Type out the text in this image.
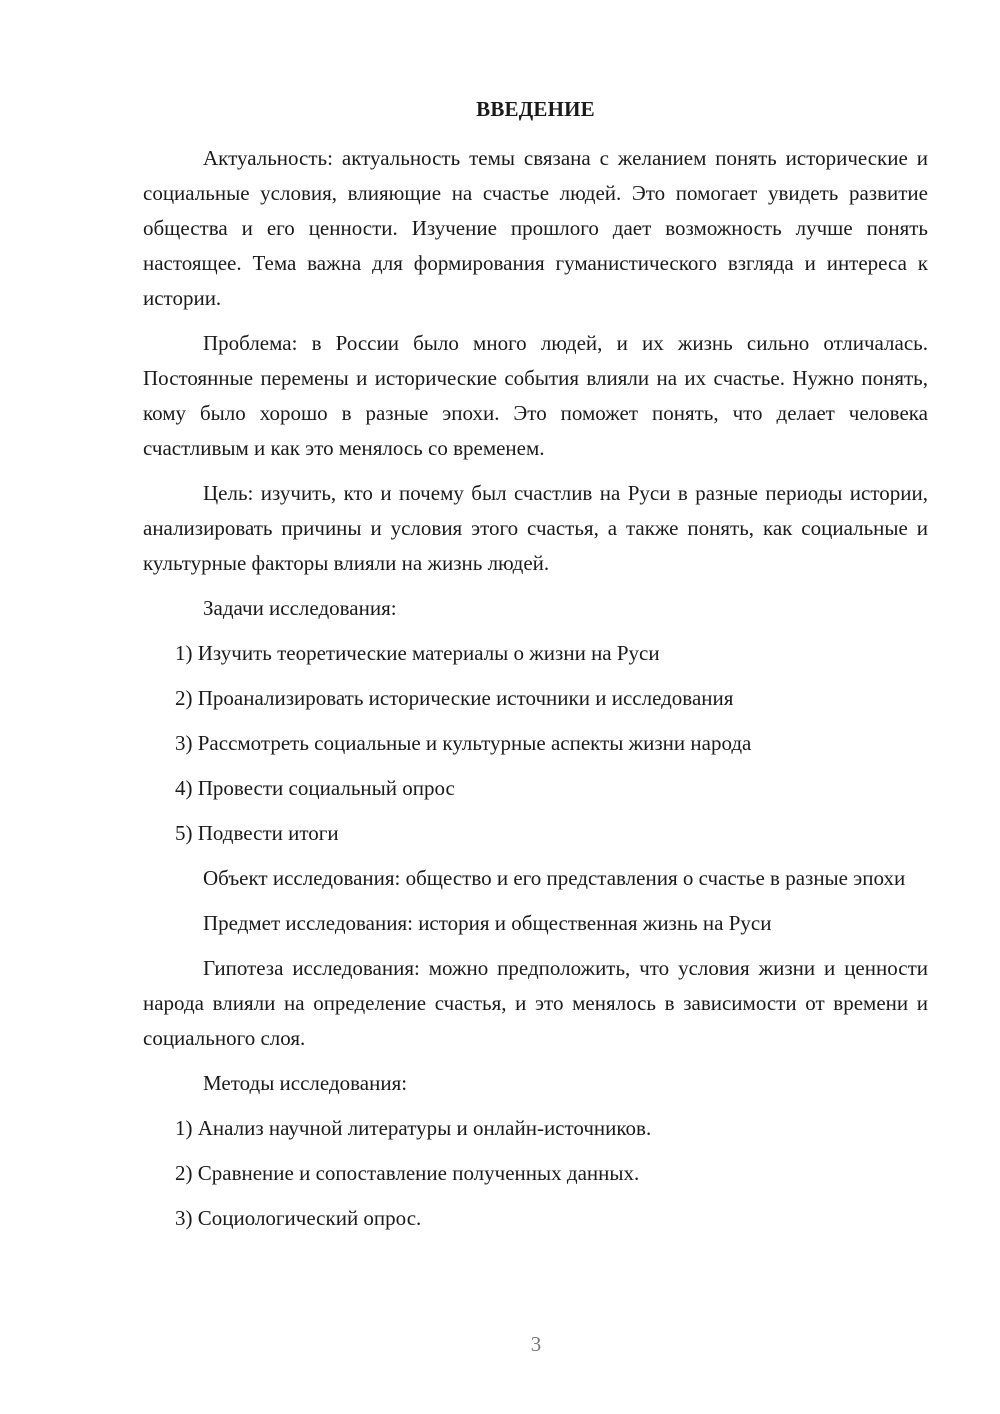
ВВЕДЕНИЕ

Актуальность: актуальность темы связана с желанием понять исторические и социальные условия, влияющие на счастье людей. Это помогает увидеть развитие общества и его ценности. Изучение прошлого дает возможность лучше понять настоящее. Тема важна для формирования гуманистического взгляда и интереса к истории.

Проблема: в России было много людей, и их жизнь сильно отличалась. Постоянные перемены и исторические события влияли на их счастье. Нужно понять, кому было хорошо в разные эпохи. Это поможет понять, что делает человека счастливым и как это менялось со временем.

Цель: изучить, кто и почему был счастлив на Руси в разные периоды истории, анализировать причины и условия этого счастья, а также понять, как социальные и культурные факторы влияли на жизнь людей.

Задачи исследования:

1) Изучить теоретические материалы о жизни на Руси
2) Проанализировать исторические источники и исследования
3) Рассмотреть социальные и культурные аспекты жизни народа
4) Провести социальный опрос
5) Подвести итоги

Объект исследования: общество и его представления о счастье в разные эпохи

Предмет исследования: история и общественная жизнь на Руси

Гипотеза исследования: можно предположить, что условия жизни и ценности народа влияли на определение счастья, и это менялось в зависимости от времени и социального слоя.

Методы исследования:

1) Анализ научной литературы и онлайн-источников.
2) Сравнение и сопоставление полученных данных.
3) Социологический опрос.
3
